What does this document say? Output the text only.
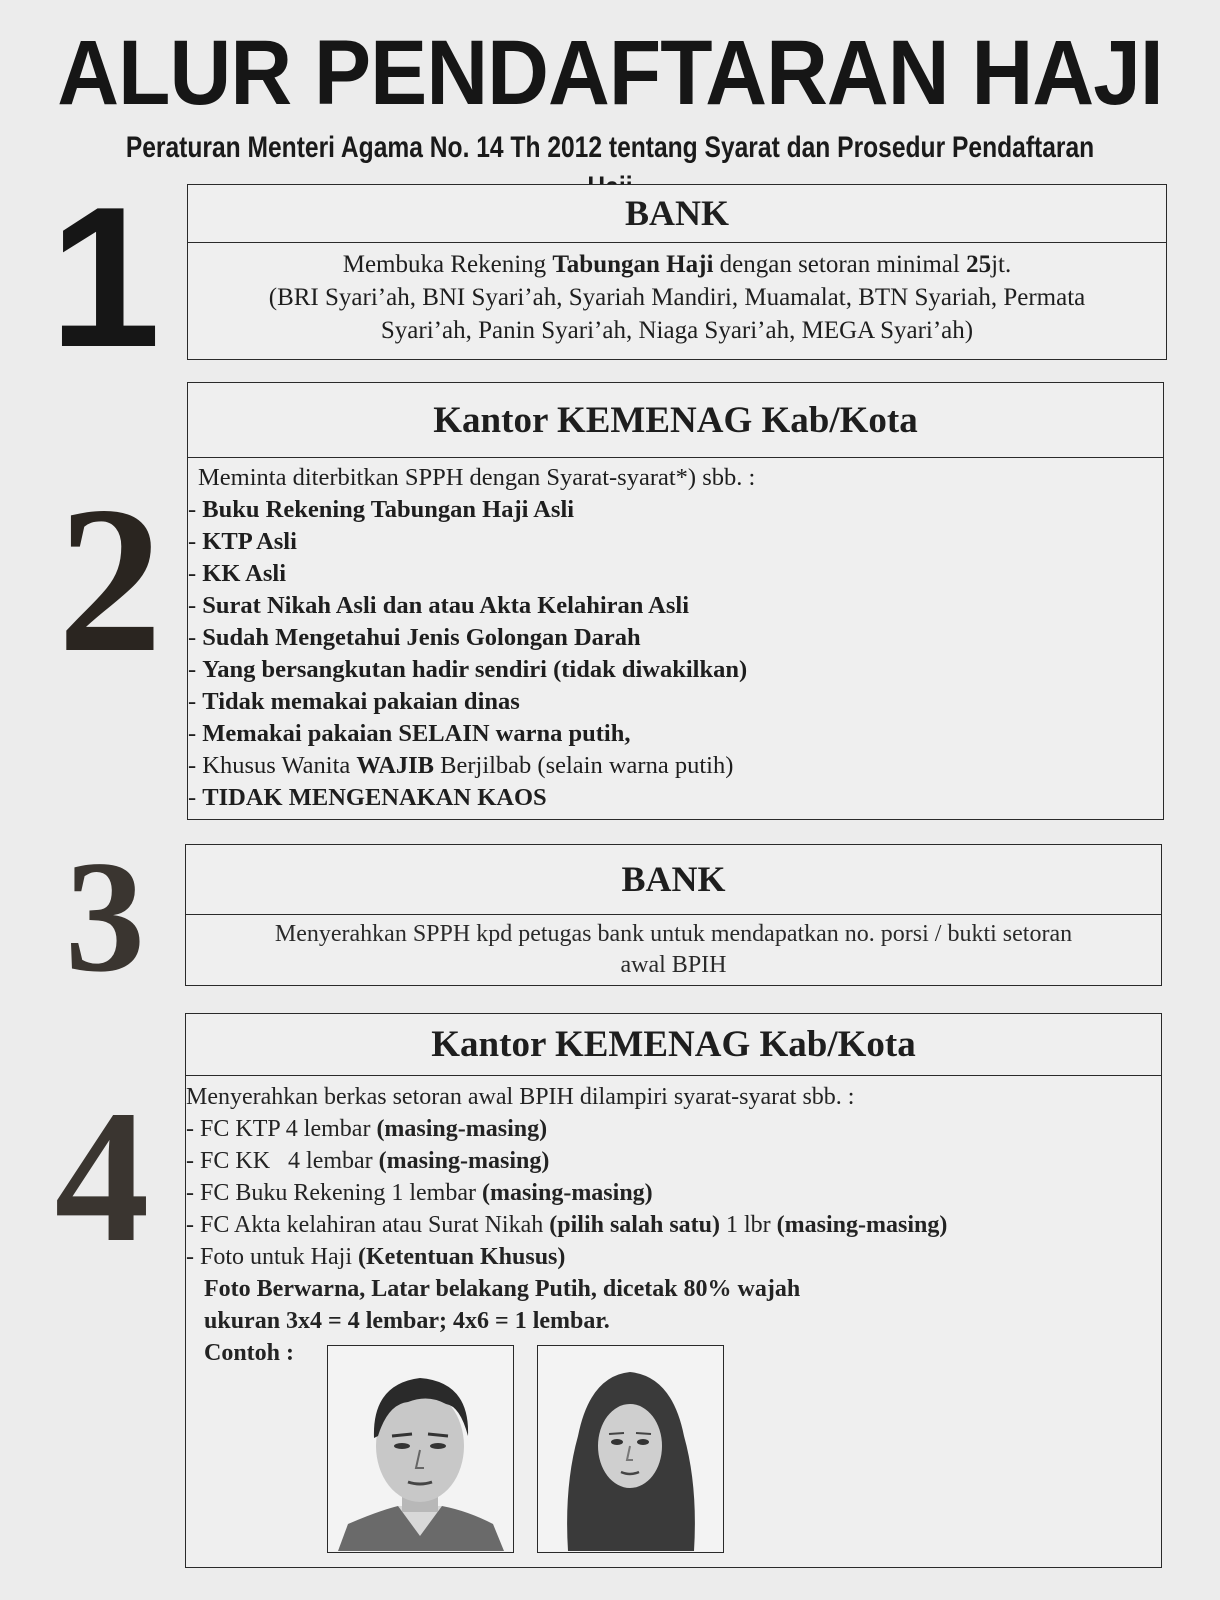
ALUR PENDAFTARAN HAJI
Peraturan Menteri Agama No. 14 Th 2012 tentang Syarat dan Prosedur Pendaftaran
1
2
3
4
BANK
Membuka Rekening Tabungan Haji dengan setoran minimal 25jt.
(BRI Syari’ah, BNI Syari’ah, Syariah Mandiri, Muamalat, BTN Syariah, Permata
Syari’ah, Panin Syari’ah, Niaga Syari’ah, MEGA Syari’ah)
Kantor KEMENAG Kab/Kota
Meminta diterbitkan SPPH dengan Syarat-syarat*) sbb. :
- Buku Rekening Tabungan Haji Asli
- KTP Asli
- KK Asli
- Surat Nikah Asli dan atau Akta Kelahiran Asli
- Sudah Mengetahui Jenis Golongan Darah
- Yang bersangkutan hadir sendiri (tidak diwakilkan)
- Tidak memakai pakaian dinas
- Memakai pakaian SELAIN warna putih,
- Khusus Wanita WAJIB Berjilbab (selain warna putih)
- TIDAK MENGENAKAN KAOS
BANK
Menyerahkan SPPH kpd petugas bank untuk mendapatkan no. porsi / bukti setoran
awal BPIH
Kantor KEMENAG Kab/Kota
Menyerahkan berkas setoran awal BPIH dilampiri syarat-syarat sbb. :
- FC KTP 4 lembar (masing-masing)
- FC KK   4 lembar (masing-masing)
- FC Buku Rekening 1 lembar (masing-masing)
- FC Akta kelahiran atau Surat Nikah (pilih salah satu) 1 lbr (masing-masing)
- Foto untuk Haji (Ketentuan Khusus)
Foto Berwarna, Latar belakang Putih, dicetak 80% wajah
ukuran 3x4 = 4 lembar; 4x6 = 1 lembar.
Contoh :
